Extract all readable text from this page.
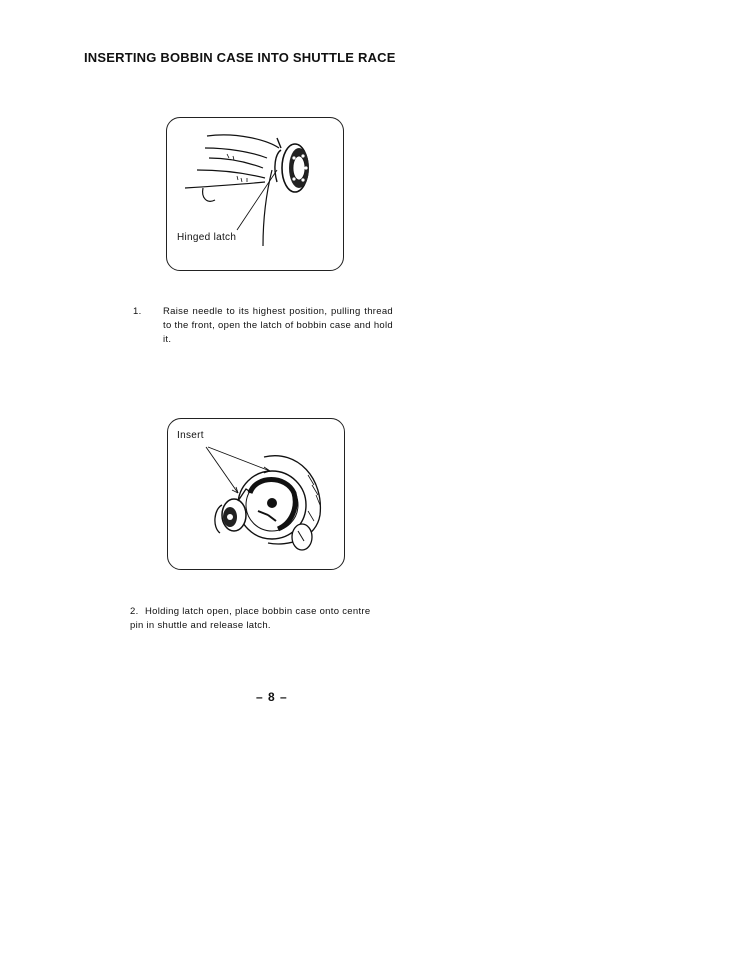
INSERTING BOBBIN CASE INTO SHUTTLE RACE
Hinged latch
1. Raise needle to its highest position, pulling thread to the front, open the latch of bobbin case and hold it.
Insert
2. Holding latch open, place bobbin case onto centre pin in shuttle and release latch.
– 8 –
